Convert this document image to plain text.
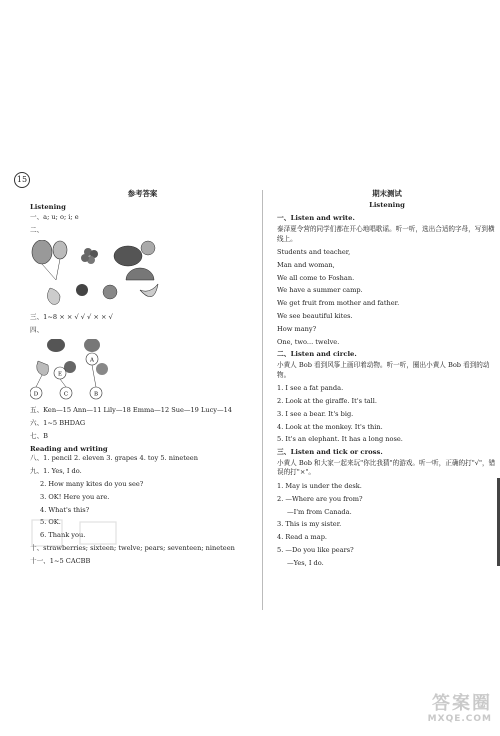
15
参考答案
Listening
一、a; u; o; i; e
二、
三、1~8 × × √ √ √ × × √
四、
E
A
D	C	B
五、Ken—15 Ann—11 Lily—18 Emma—12 Sue—19 Lucy—14
六、1~5 BHDAG
七、B
Reading and writing
八、1. pencil 2. eleven 3. grapes 4. toy 5. nineteen
九、1. Yes, I do.
2. How many kites do you see?
3. OK! Here you are.
4. What's this?
5. OK.
6. Thank you.
十、strawberries; sixteen; twelve; pears; seventeen; nineteen
十一、1~5 CACBB
期末测试
Listening
一、Listen and write.
泰泽夏令营的同学们都在开心地唱歌谣。听一听，选出合适的字母，写到横线上。
Students and teacher,
Man and woman,
We all come to Foshan.
We have a summer camp.
We get fruit from mother and father.
We see beautiful kites.
How many?
One, two... twelve.
二、Listen and circle.
小黄人 Bob 看到风筝上画印着动物。听一听，圈出小黄人 Bob 看到的动物。
1. I see a fat panda.
2. Look at the giraffe. It's tall.
3. I see a bear. It's big.
4. Look at the monkey. It's thin.
5. It's an elephant. It has a long nose.
三、Listen and tick or cross.
小黄人 Bob 和大家一起来玩"你比我猜"的游戏。听一听，正确的打"√"，错误的打"×"。
1. May is under the desk.
2. —Where are you from?
—I'm from Canada.
3. This is my sister.
4. Read a map.
5. —Do you like pears?
—Yes, I do.
答案圈
MXQE.COM
